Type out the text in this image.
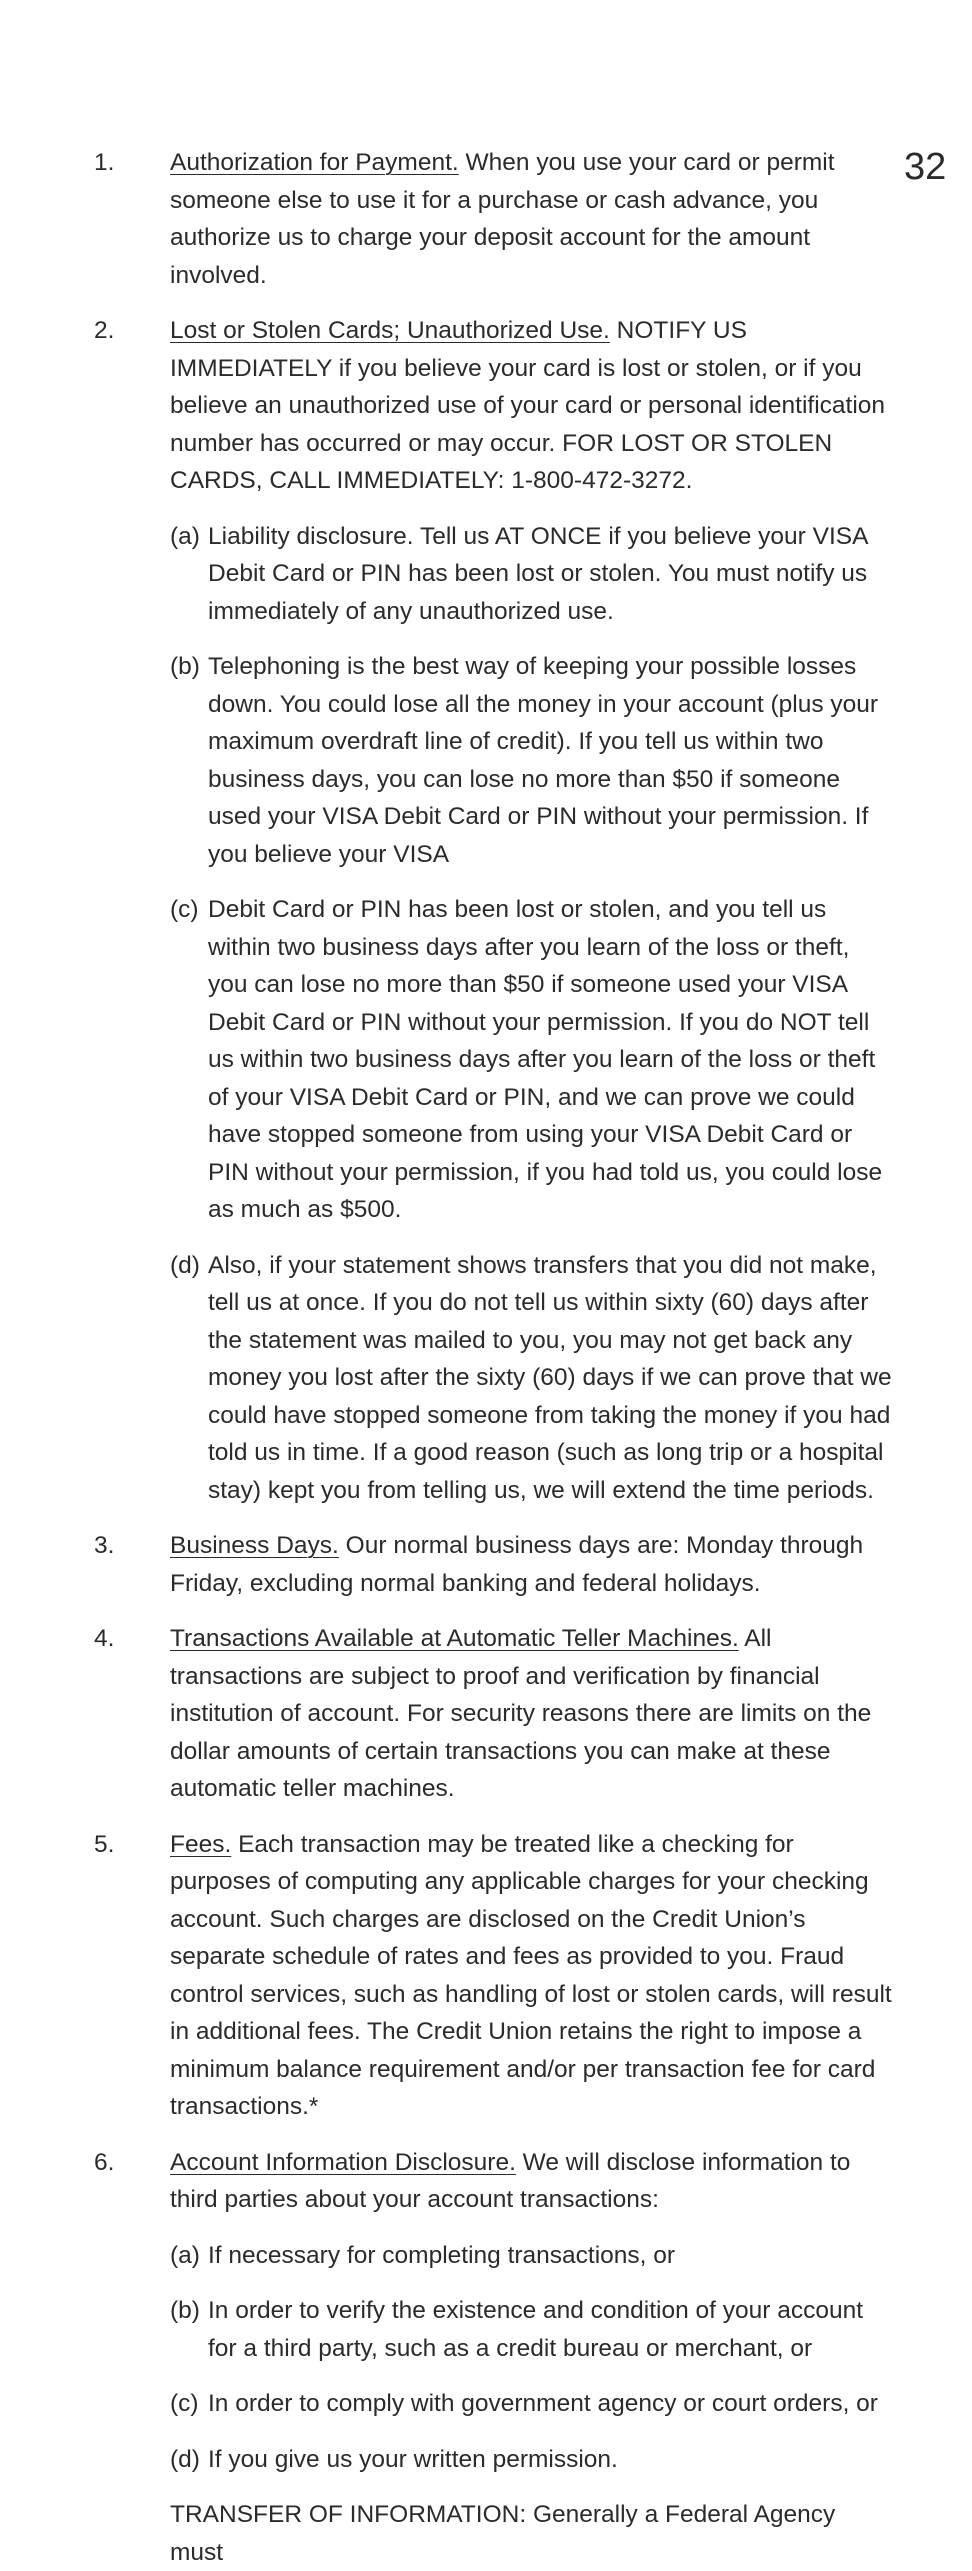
32
1. Authorization for Payment. When you use your card or permit someone else to use it for a purchase or cash advance, you authorize us to charge your deposit account for the amount involved.
2. Lost or Stolen Cards; Unauthorized Use. NOTIFY US IMMEDIATELY if you believe your card is lost or stolen, or if you believe an unauthorized use of your card or personal identification number has occurred or may occur. FOR LOST OR STOLEN CARDS, CALL IMMEDIATELY: 1-800-472-3272.
(a) Liability disclosure. Tell us AT ONCE if you believe your VISA Debit Card or PIN has been lost or stolen. You must notify us immediately of any unauthorized use.
(b) Telephoning is the best way of keeping your possible losses down. You could lose all the money in your account (plus your maximum overdraft line of credit). If you tell us within two business days, you can lose no more than $50 if someone used your VISA Debit Card or PIN without your permission. If you believe your VISA
(c) Debit Card or PIN has been lost or stolen, and you tell us within two business days after you learn of the loss or theft, you can lose no more than $50 if someone used your VISA Debit Card or PIN without your permission. If you do NOT tell us within two business days after you learn of the loss or theft of your VISA Debit Card or PIN, and we can prove we could have stopped someone from using your VISA Debit Card or PIN without your permission, if you had told us, you could lose as much as $500.
(d) Also, if your statement shows transfers that you did not make, tell us at once. If you do not tell us within sixty (60) days after the statement was mailed to you, you may not get back any money you lost after the sixty (60) days if we can prove that we could have stopped someone from taking the money if you had told us in time. If a good reason (such as long trip or a hospital stay) kept you from telling us, we will extend the time periods.
3. Business Days. Our normal business days are: Monday through Friday, excluding normal banking and federal holidays.
4. Transactions Available at Automatic Teller Machines. All transactions are subject to proof and verification by financial institution of account. For security reasons there are limits on the dollar amounts of certain transactions you can make at these automatic teller machines.
5. Fees. Each transaction may be treated like a checking for purposes of computing any applicable charges for your checking account. Such charges are disclosed on the Credit Union’s separate schedule of rates and fees as provided to you. Fraud control services, such as handling of lost or stolen cards, will result in additional fees. The Credit Union retains the right to impose a minimum balance requirement and/or per transaction fee for card transactions.*
6. Account Information Disclosure. We will disclose information to third parties about your account transactions:
(a) If necessary for completing transactions, or
(b) In order to verify the existence and condition of your account for a third party, such as a credit bureau or merchant, or
(c) In order to comply with government agency or court orders, or
(d) If you give us your written permission.
TRANSFER OF INFORMATION: Generally a Federal Agency must
